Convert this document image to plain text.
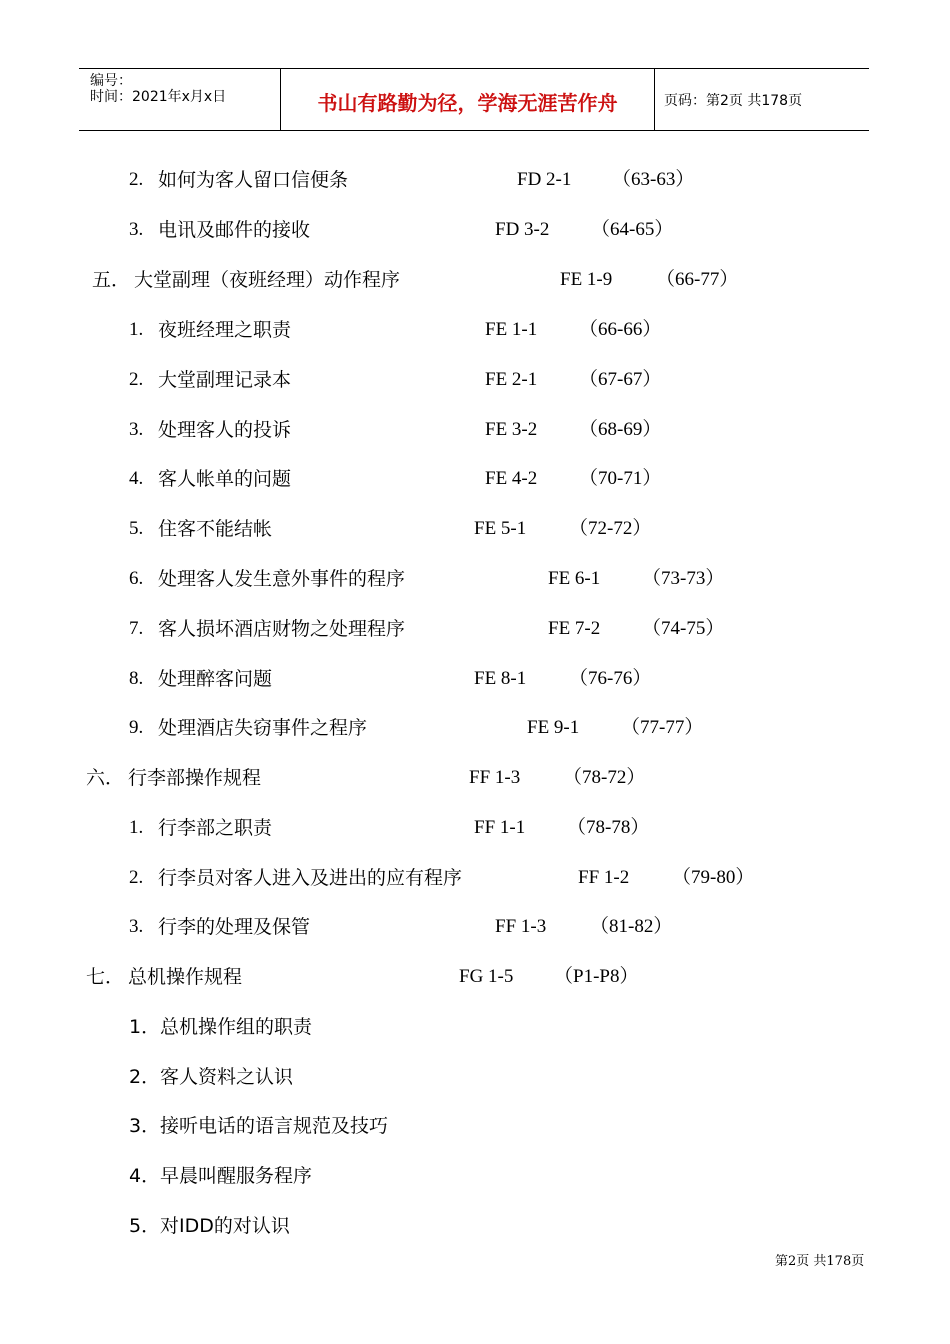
编号：
时间：2021年x月x日	书山有路勤为径，学海无涯苦作舟	页码：第2页 共178页
2. 如何为客人留口信便条	FD 2-1 （63-63）
3. 电讯及邮件的接收	FD 3-2 （64-65）
五． 大堂副理（夜班经理）动作程序	FE 1-9 （66-77）
1. 夜班经理之职责	FE 1-1 （66-66）
2. 大堂副理记录本	FE 2-1 （67-67）
3. 处理客人的投诉	FE 3-2 （68-69）
4. 客人帐单的问题	FE 4-2 （70-71）
5. 住客不能结帐	FE 5-1 （72-72）
6. 处理客人发生意外事件的程序	FE 6-1 （73-73）
7. 客人损坏酒店财物之处理程序	FE 7-2 （74-75）
8. 处理醉客问题	FE 8-1 （76-76）
9. 处理酒店失窃事件之程序	FE 9-1 （77-77）
六． 行李部操作规程	FF 1-3 （78-72）
1. 行李部之职责	FF 1-1 （78-78）
2. 行李员对客人进入及进出的应有程序	FF 1-2 （79-80）
3. 行李的处理及保管	FF 1-3 （81-82）
七． 总机操作规程	FG 1-5 （P1-P8）
1． 总机操作组的职责
2． 客人资料之认识
3． 接听电话的语言规范及技巧
4． 早晨叫醒服务程序
5． 对IDD的对认识
第2页 共178页
